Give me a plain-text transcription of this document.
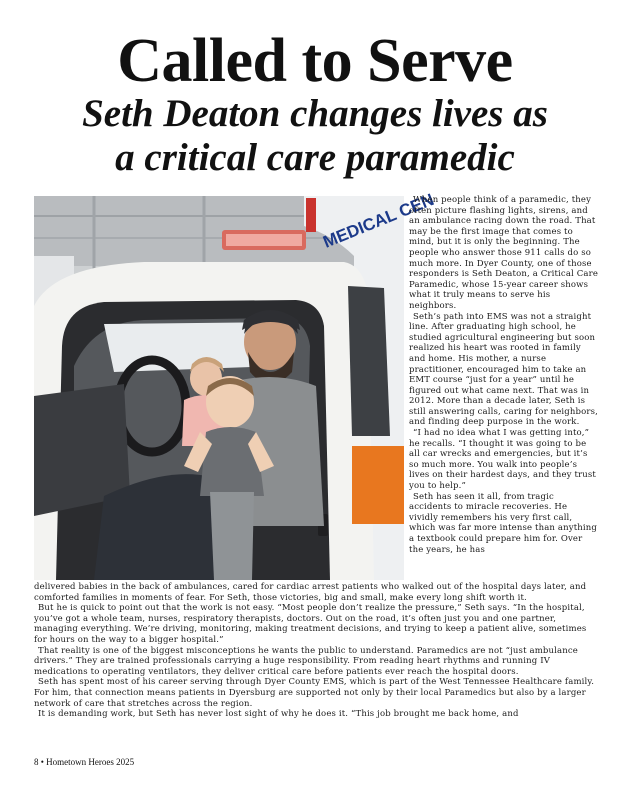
Called to Serve
Seth Deaton changes lives as
a critical care paramedic
MEDICAL CEN

When people think of a paramedic, they often picture flashing lights, sirens, and an ambulance racing down the road. That may be the first image that comes to mind, but it is only the beginning. The people who answer those 911 calls do so much more. In Dyer County, one of those responders is Seth Deaton, a Critical Care Paramedic, whose 15-year career shows what it truly means to serve his neighbors.

Seth’s path into EMS was not a straight line. After graduating high school, he studied agricultural engineering but soon realized his heart was rooted in family and home. His mother, a nurse practitioner, encouraged him to take an EMT course “just for a year” until he figured out what came next. That was in 2012. More than a decade later, Seth is still answering calls, caring for neighbors, and finding deep purpose in the work.

“I had no idea what I was getting into,” he recalls. “I thought it was going to be all car wrecks and emergencies, but it’s so much more. You walk into people’s lives on their hardest days, and they trust you to help.”

Seth has seen it all, from tragic accidents to miracle recoveries. He vividly remembers his very first call, which was far more intense than anything a textbook could prepare him for. Over the years, he has

delivered babies in the back of ambulances, cared for cardiac arrest patients who walked out of the hospital days later, and comforted families in moments of fear. For Seth, those victories, big and small, make every long shift worth it.

But he is quick to point out that the work is not easy. “Most people don’t realize the pressure,” Seth says. “In the hospital, you’ve got a whole team, nurses, respiratory therapists, doctors. Out on the road, it’s often just you and one partner, managing everything. We’re driving, monitoring, making treatment decisions, and trying to keep a patient alive, sometimes for hours on the way to a bigger hospital.”

That reality is one of the biggest misconceptions he wants the public to understand. Paramedics are not “just ambulance drivers.” They are trained professionals carrying a huge responsibility. From reading heart rhythms and running IV medications to operating ventilators, they deliver critical care before patients ever reach the hospital doors.

Seth has spent most of his career serving through Dyer County EMS, which is part of the West Tennessee Healthcare family. For him, that connection means patients in Dyersburg are supported not only by their local Paramedics but also by a larger network of care that stretches across the region.

It is demanding work, but Seth has never lost sight of why he does it. “This job brought me back home, and

8 • Hometown Heroes 2025
